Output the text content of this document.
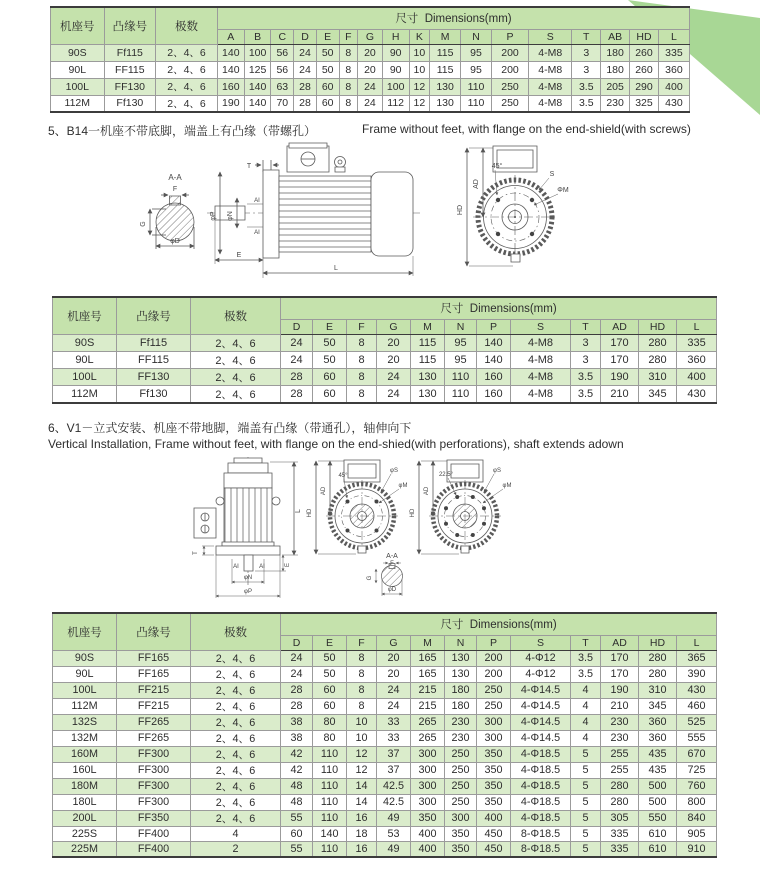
机座号	凸缘号	极数	尺寸  Dimensions(mm)																
			A	B	C	D	E	F	G	H	K	M	N	P	S	T	AB	HD	L
90S	Ff115	2、4、6	140	100	56	24	50	8	20	90	10	115	95	200	4-M8	3	180	260	335
90L	FF115	2、4、6	140	125	56	24	50	8	20	90	10	115	95	200	4-M8	3	180	260	360
100L	FF130	2、4、6	160	140	63	28	60	8	24	100	12	130	110	250	4-M8	3.5	205	290	400
112M	Ff130	2、4、6	190	140	70	28	60	8	24	112	12	130	110	250	4-M8	3.5	230	325	430
5、B14一机座不带底脚，端盖上有凸缘（带螺孔）	Frame without feet, with flange on the end-shield(with screws)
A-A
F
G
φD
AI
AI
φN
φP
T
E
L
HD
AD
45°
S
ΦM
机座号	凸缘号	极数	尺寸  Dimensions(mm)											
			D	E	F	G	M	N	P	S	T	AD	HD	L
90S	Ff115	2、4、6	24	50	8	20	115	95	140	4-M8	3	170	280	335
90L	FF115	2、4、6	24	50	8	20	115	95	140	4-M8	3	170	280	360
100L	FF130	2、4、6	28	60	8	24	130	110	160	4-M8	3.5	190	310	400
112M	Ff130	2、4、6	28	60	8	24	130	110	160	4-M8	3.5	210	345	430
6、V1－立式安装、机座不带地脚，端盖有凸缘（带通孔），轴伸向下
Vertical Installation, Frame without feet, with flange on the end-shied(with perforations), shaft extends adown
L
T
E
AI	AI
φN
φP
HD
AD
45°
φS
φM
HD
AD
22.5°
φS
φM
A-A
G
φD
机座号	凸缘号	极数	尺寸  Dimensions(mm)											
			D	E	F	G	M	N	P	S	T	AD	HD	L
90S	FF165	2、4、6	24	50	8	20	165	130	200	4-Φ12	3.5	170	280	365
90L	FF165	2、4、6	24	50	8	20	165	130	200	4-Φ12	3.5	170	280	390
100L	FF215	2、4、6	28	60	8	24	215	180	250	4-Φ14.5	4	190	310	430
112M	FF215	2、4、6	28	60	8	24	215	180	250	4-Φ14.5	4	210	345	460
132S	FF265	2、4、6	38	80	10	33	265	230	300	4-Φ14.5	4	230	360	525
132M	FF265	2、4、6	38	80	10	33	265	230	300	4-Φ14.5	4	230	360	555
160M	FF300	2、4、6	42	110	12	37	300	250	350	4-Φ18.5	5	255	435	670
160L	FF300	2、4、6	42	110	12	37	300	250	350	4-Φ18.5	5	255	435	725
180M	FF300	2、4、6	48	110	14	42.5	300	250	350	4-Φ18.5	5	280	500	760
180L	FF300	2、4、6	48	110	14	42.5	300	250	350	4-Φ18.5	5	280	500	800
200L	FF350	2、4、6	55	110	16	49	350	300	400	4-Φ18.5	5	305	550	840
225S	FF400	4	60	140	18	53	400	350	450	8-Φ18.5	5	335	610	905
225M	FF400	2	55	110	16	49	400	350	450	8-Φ18.5	5	335	610	910
